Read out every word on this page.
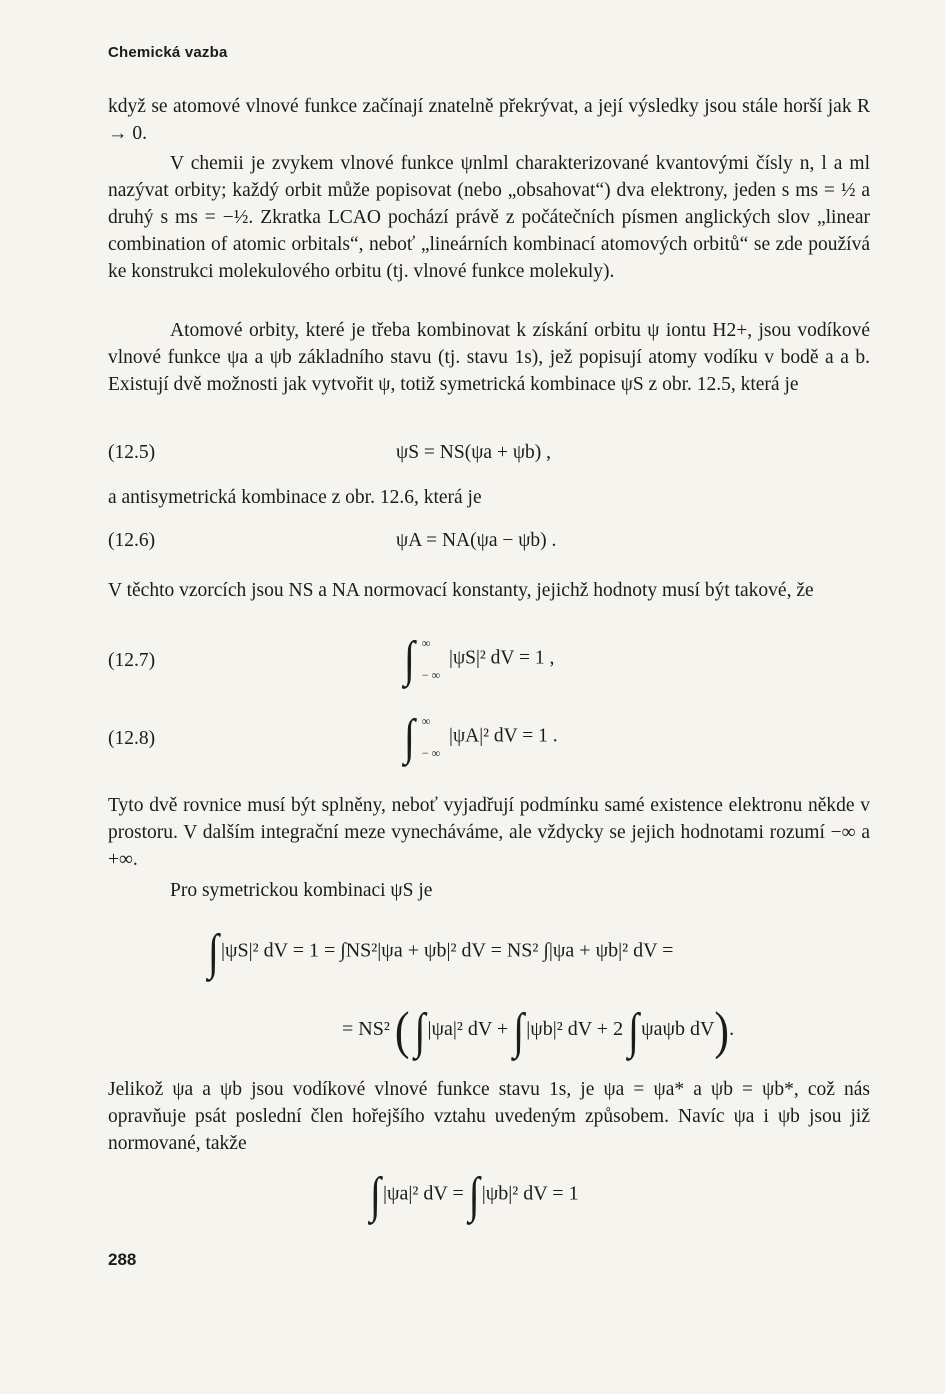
Chemická vazba

když se atomové vlnové funkce začínají znatelně překrývat, a její výsledky jsou stále horší jak R → 0.

V chemii je zvykem vlnové funkce ψnlml charakterizované kvantovými čísly n, l a ml nazývat orbity; každý orbit může popisovat (nebo „obsahovat“) dva elektrony, jeden s ms = ½ a druhý s ms = −½. Zkratka LCAO pochází právě z počátečních písmen anglických slov „linear combination of atomic orbitals“, neboť „lineárních kombinací atomových orbitů“ se zde používá ke konstrukci molekulového orbitu (tj. vlnové funkce molekuly).

Atomové orbity, které je třeba kombinovat k získání orbitu ψ iontu H2+, jsou vodíkové vlnové funkce ψa a ψb základního stavu (tj. stavu 1s), jež popisují atomy vodíku v bodě a a b. Existují dvě možnosti jak vytvořit ψ, totiž symetrická kombinace ψS z obr. 12.5, která je

(12.5)	ψS = NS(ψa + ψb) ,

a antisymetrická kombinace z obr. 12.6, která je

(12.6)	ψA = NA(ψa − ψb) .

V těchto vzorcích jsou NS a NA normovací konstanty, jejichž hodnoty musí být takové, že

(12.7)	∫ ∞
− ∞
|ψS|² dV = 1 ,
(12.8)	∫ ∞
− ∞
|ψA|² dV = 1 .

Tyto dvě rovnice musí být splněny, neboť vyjadřují podmínku samé existence elektronu někde v prostoru. V dalším integrační meze vynecháváme, ale vždycky se jejich hodnotami rozumí −∞ a +∞.

Pro symetrickou kombinaci ψS je

∫ |ψS|² dV = 1 = ∫NS²|ψa + ψb|² dV = NS² ∫|ψa + ψb|² dV =
= NS² ( ∫ |ψa|² dV + ∫ |ψb|² dV + 2 ∫ ψaψb dV).

Jelikož ψa a ψb jsou vodíkové vlnové funkce stavu 1s, je ψa = ψa* a ψb = ψb*, což nás opravňuje psát poslední člen hořejšího vztahu uvedeným způsobem. Navíc ψa i ψb jsou již normované, takže

∫ |ψa|² dV = ∫ |ψb|² dV = 1
288
